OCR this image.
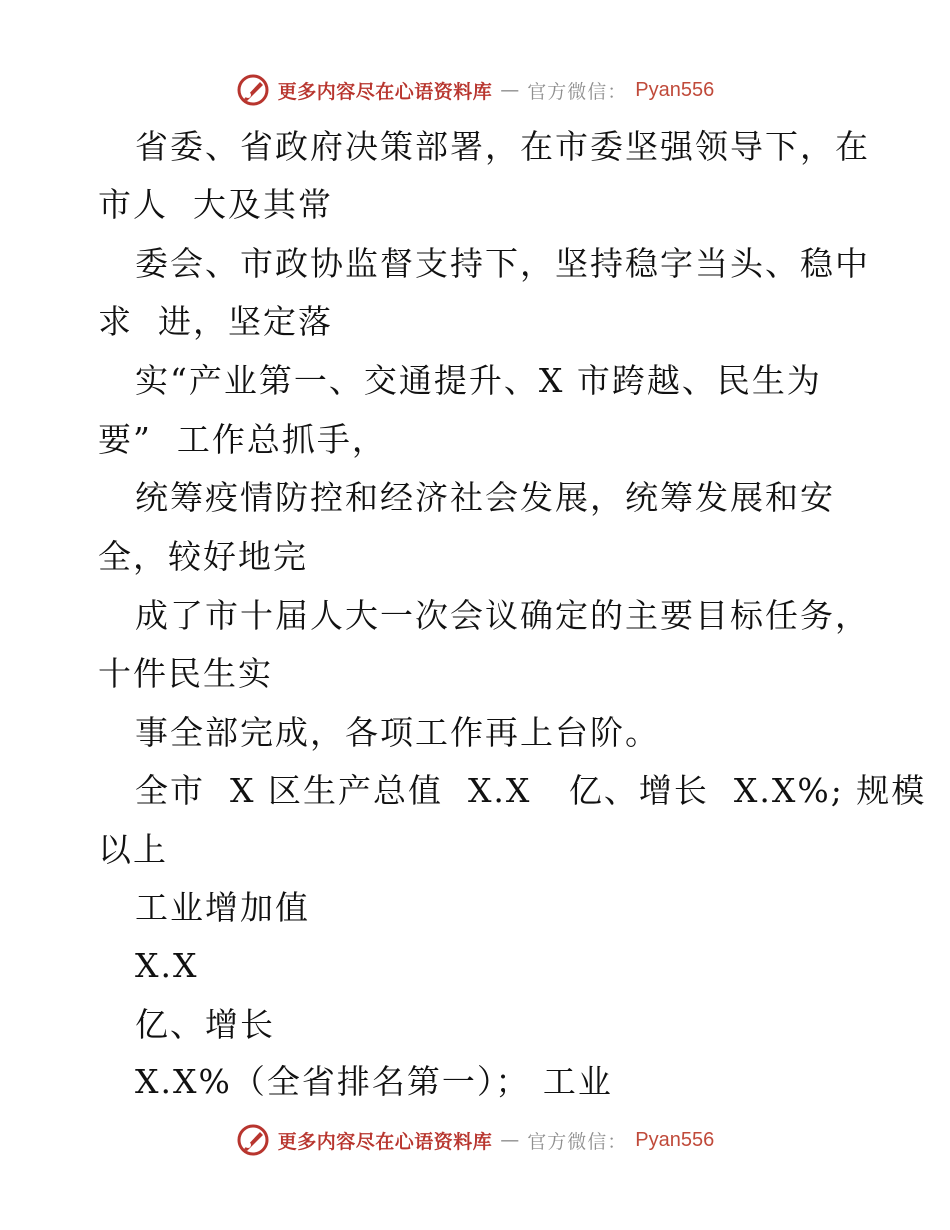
更多内容尽在心语资料库 — 官方微信： Pyan556
省委、省政府决策部署，在市委坚强领导下，在
市人  大及其常
委会、市政协监督支持下，坚持稳字当头、稳中
求  进，坚定落
实“产业第一、交通提升、X 市跨越、民生为
要”  工作总抓手，
统筹疫情防控和经济社会发展，统筹发展和安
全，较好地完
成了市十届人大一次会议确定的主要目标任务，
十件民生实
事全部完成，各项工作再上台阶。
全市  X 区生产总值  X.X   亿、增长  X.X%; 规模
以上
工业增加值
X.X
亿、增长
X.X%（全省排名第一）； 工业
更多内容尽在心语资料库 — 官方微信： Pyan556
